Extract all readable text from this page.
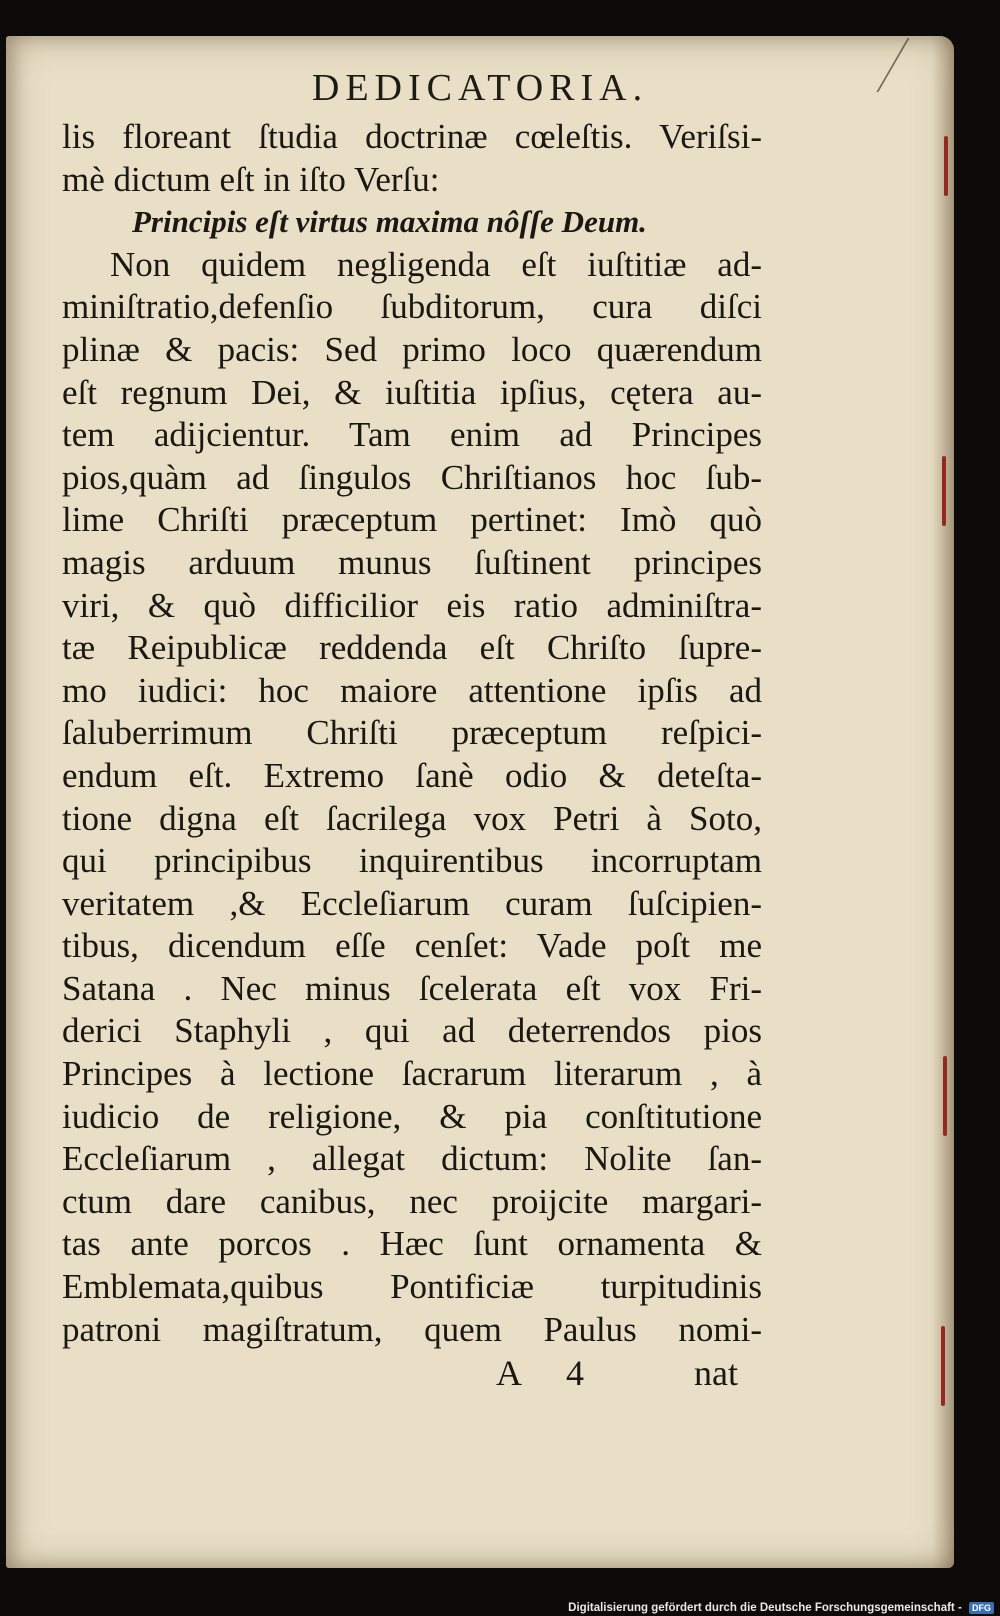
DEDICATORIA.
lis floreant ſtudia doctrinæ cœleſtis. Veriſsi-
mè dictum eſt in iſto Verſu:
Principis eſt virtus maxima nôſſe Deum.
Non quidem negligenda eſt iuſtitiæ ad-
miniſtratio,defenſio ſubditorum, cura diſci
plinæ & pacis: Sed primo loco quærendum
eſt regnum Dei, & iuſtitia ipſius, cętera au-
tem adijcientur. Tam enim ad Principes
pios,quàm ad ſingulos Chriſtianos hoc ſub-
lime Chriſti præceptum pertinet: Imò quò
magis arduum munus ſuſtinent principes
viri, & quò difficilior eis ratio adminiſtra-
tæ Reipublicæ reddenda eſt Chriſto ſupre-
mo iudici: hoc maiore attentione ipſis ad
ſaluberrimum Chriſti præceptum reſpici-
endum eſt. Extremo ſanè odio & deteſta-
tione digna eſt ſacrilega vox Petri à Soto,
qui principibus inquirentibus incorruptam
veritatem ,& Eccleſiarum curam ſuſcipien-
tibus, dicendum eſſe cenſet: Vade poſt me
Satana . Nec minus ſcelerata eſt vox Fri-
derici Staphyli , qui ad deterrendos pios
Principes à lectione ſacrarum literarum , à
iudicio de religione, & pia conſtitutione
Eccleſiarum , allegat dictum: Nolite ſan-
ctum dare canibus, nec proijcite margari-
tas ante porcos . Hæc ſunt ornamenta &
Emblemata,quibus Pontificiæ turpitudinis
patroni magiſtratum, quem Paulus nomi-
A 4	nat
Digitalisierung gefördert durch die Deutsche Forschungsgemeinschaft - DFG
